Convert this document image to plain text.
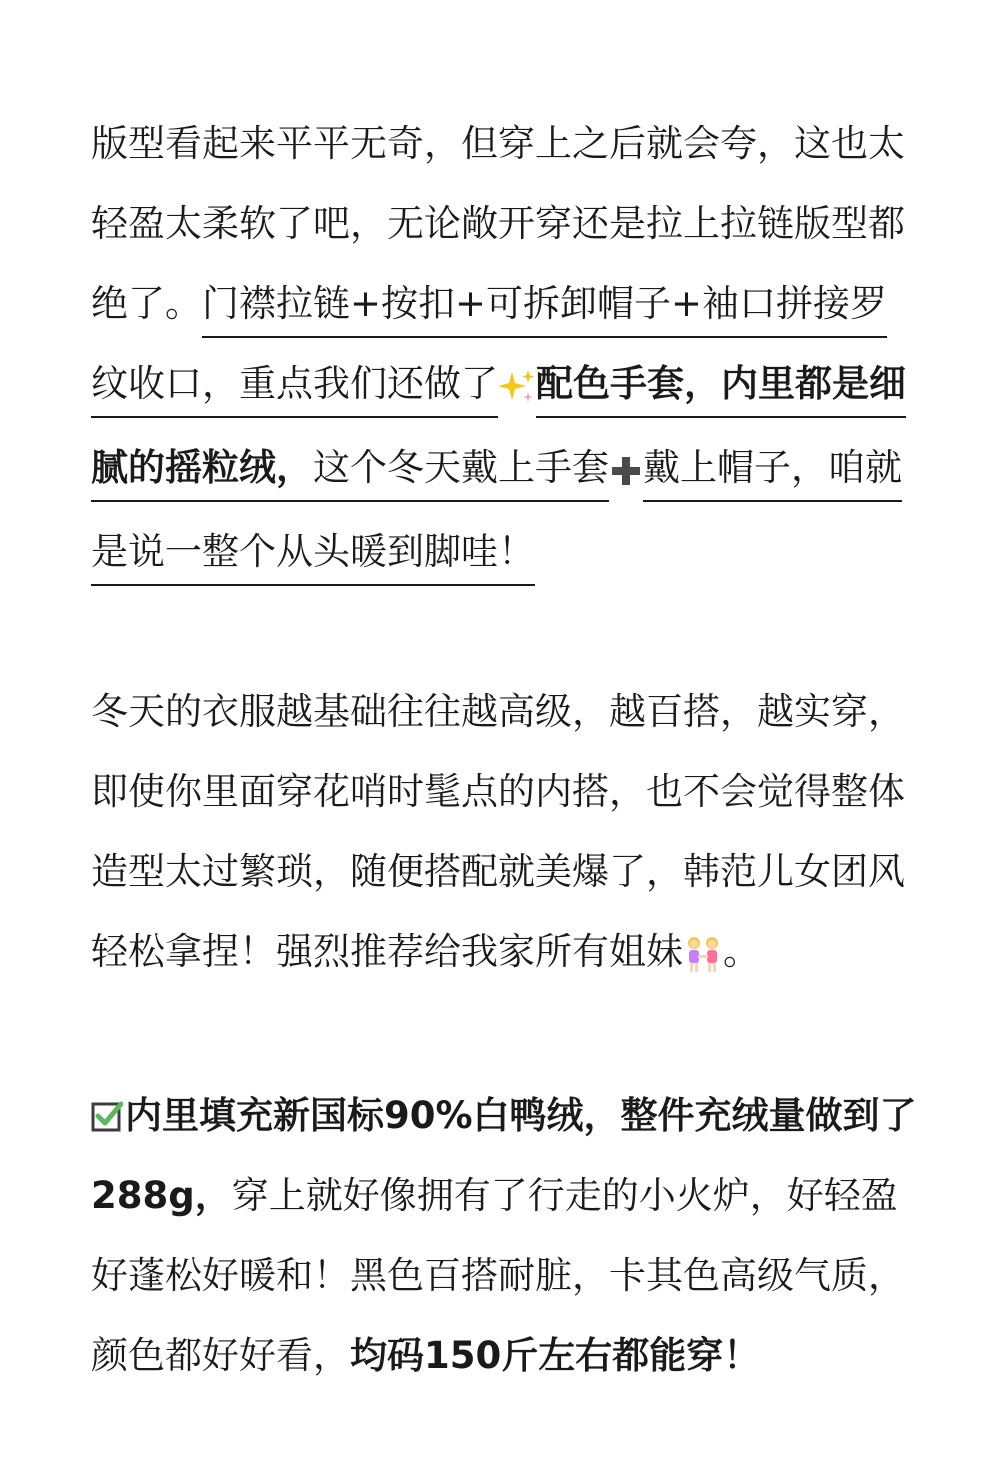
版型看起来平平无奇，但穿上之后就会夸，这也太轻盈太柔软了吧，无论敞开穿还是拉上拉链版型都绝了。门襟拉链+按扣+可拆卸帽子+袖口拼接罗纹收口，重点我们还做了 配色手套，内里都是细腻的摇粒绒，这个冬天戴上手套 戴上帽子，咱就是说一整个从头暖到脚哇！

冬天的衣服越基础往往越高级，越百搭，越实穿，即使你里面穿花哨时髦点的内搭，也不会觉得整体造型太过繁琐，随便搭配就美爆了，韩范儿女团风轻松拿捏！强烈推荐给我家所有姐妹 。

内里填充新国标90%白鸭绒，整件充绒量做到了288g，穿上就好像拥有了行走的小火炉，好轻盈好蓬松好暖和！黑色百搭耐脏，卡其色高级气质，颜色都好好看，均码150斤左右都能穿！
